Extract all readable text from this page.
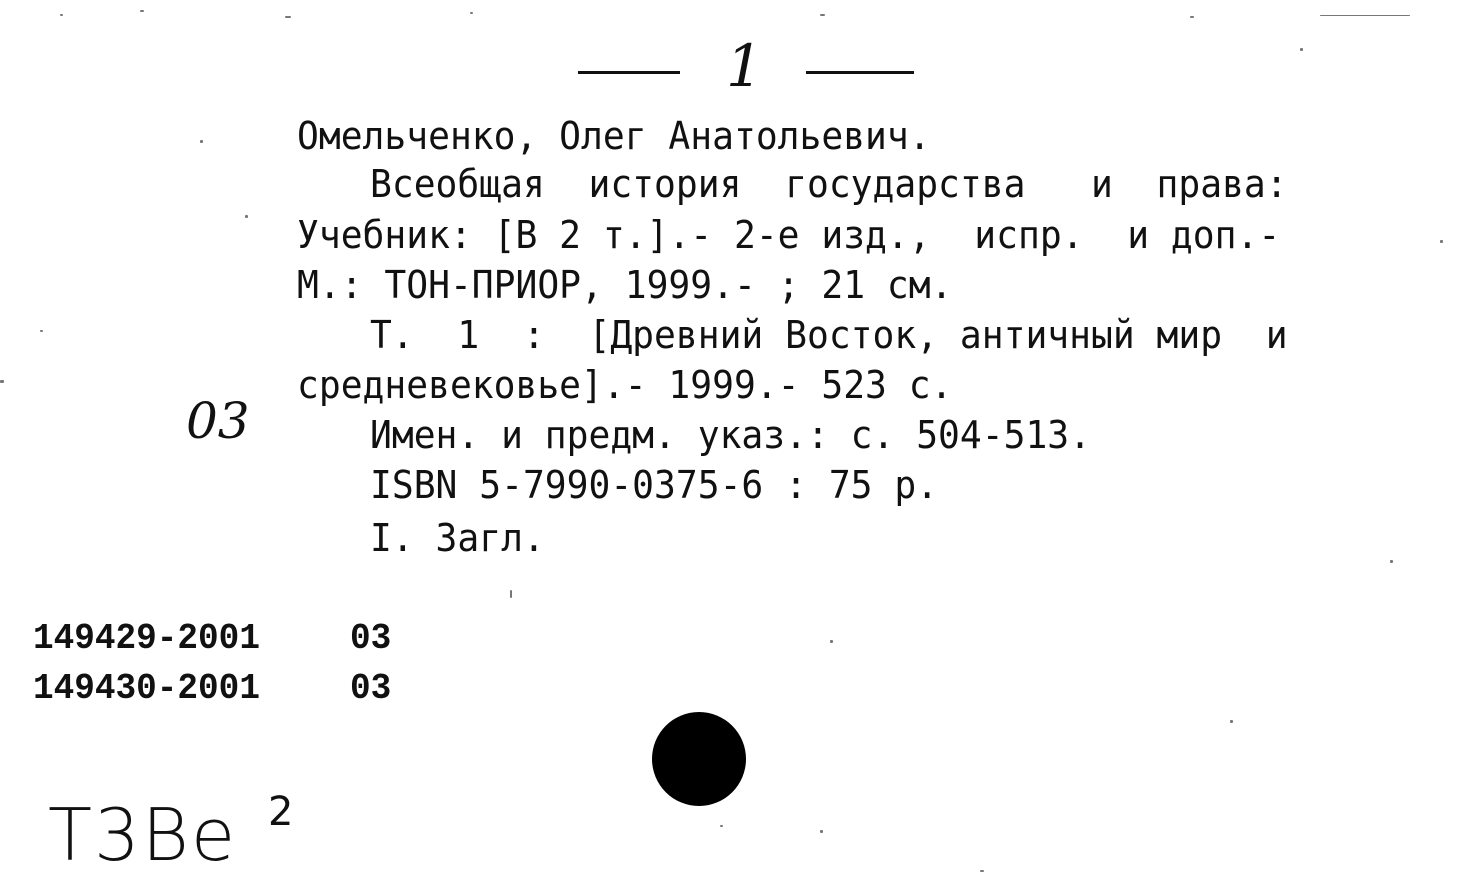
1
Омельченко, Олег Анатольевич.
Всеобщая  история  государства   и  права:
Учебник: [В 2 т.].- 2-е изд.,  испр.  и доп.-
М.: ТОН-ПРИОР, 1999.- ; 21 см.
Т.  1  :  [Древний Восток, античный мир  и
средневековье].- 1999.- 523 с.
03	Имен. и предм. указ.: с. 504-513.
ISBN 5-7990-0375-6 : 75 р.
I. Загл.
149429-2001	03
149430-2001	03
Т3Ве 2
